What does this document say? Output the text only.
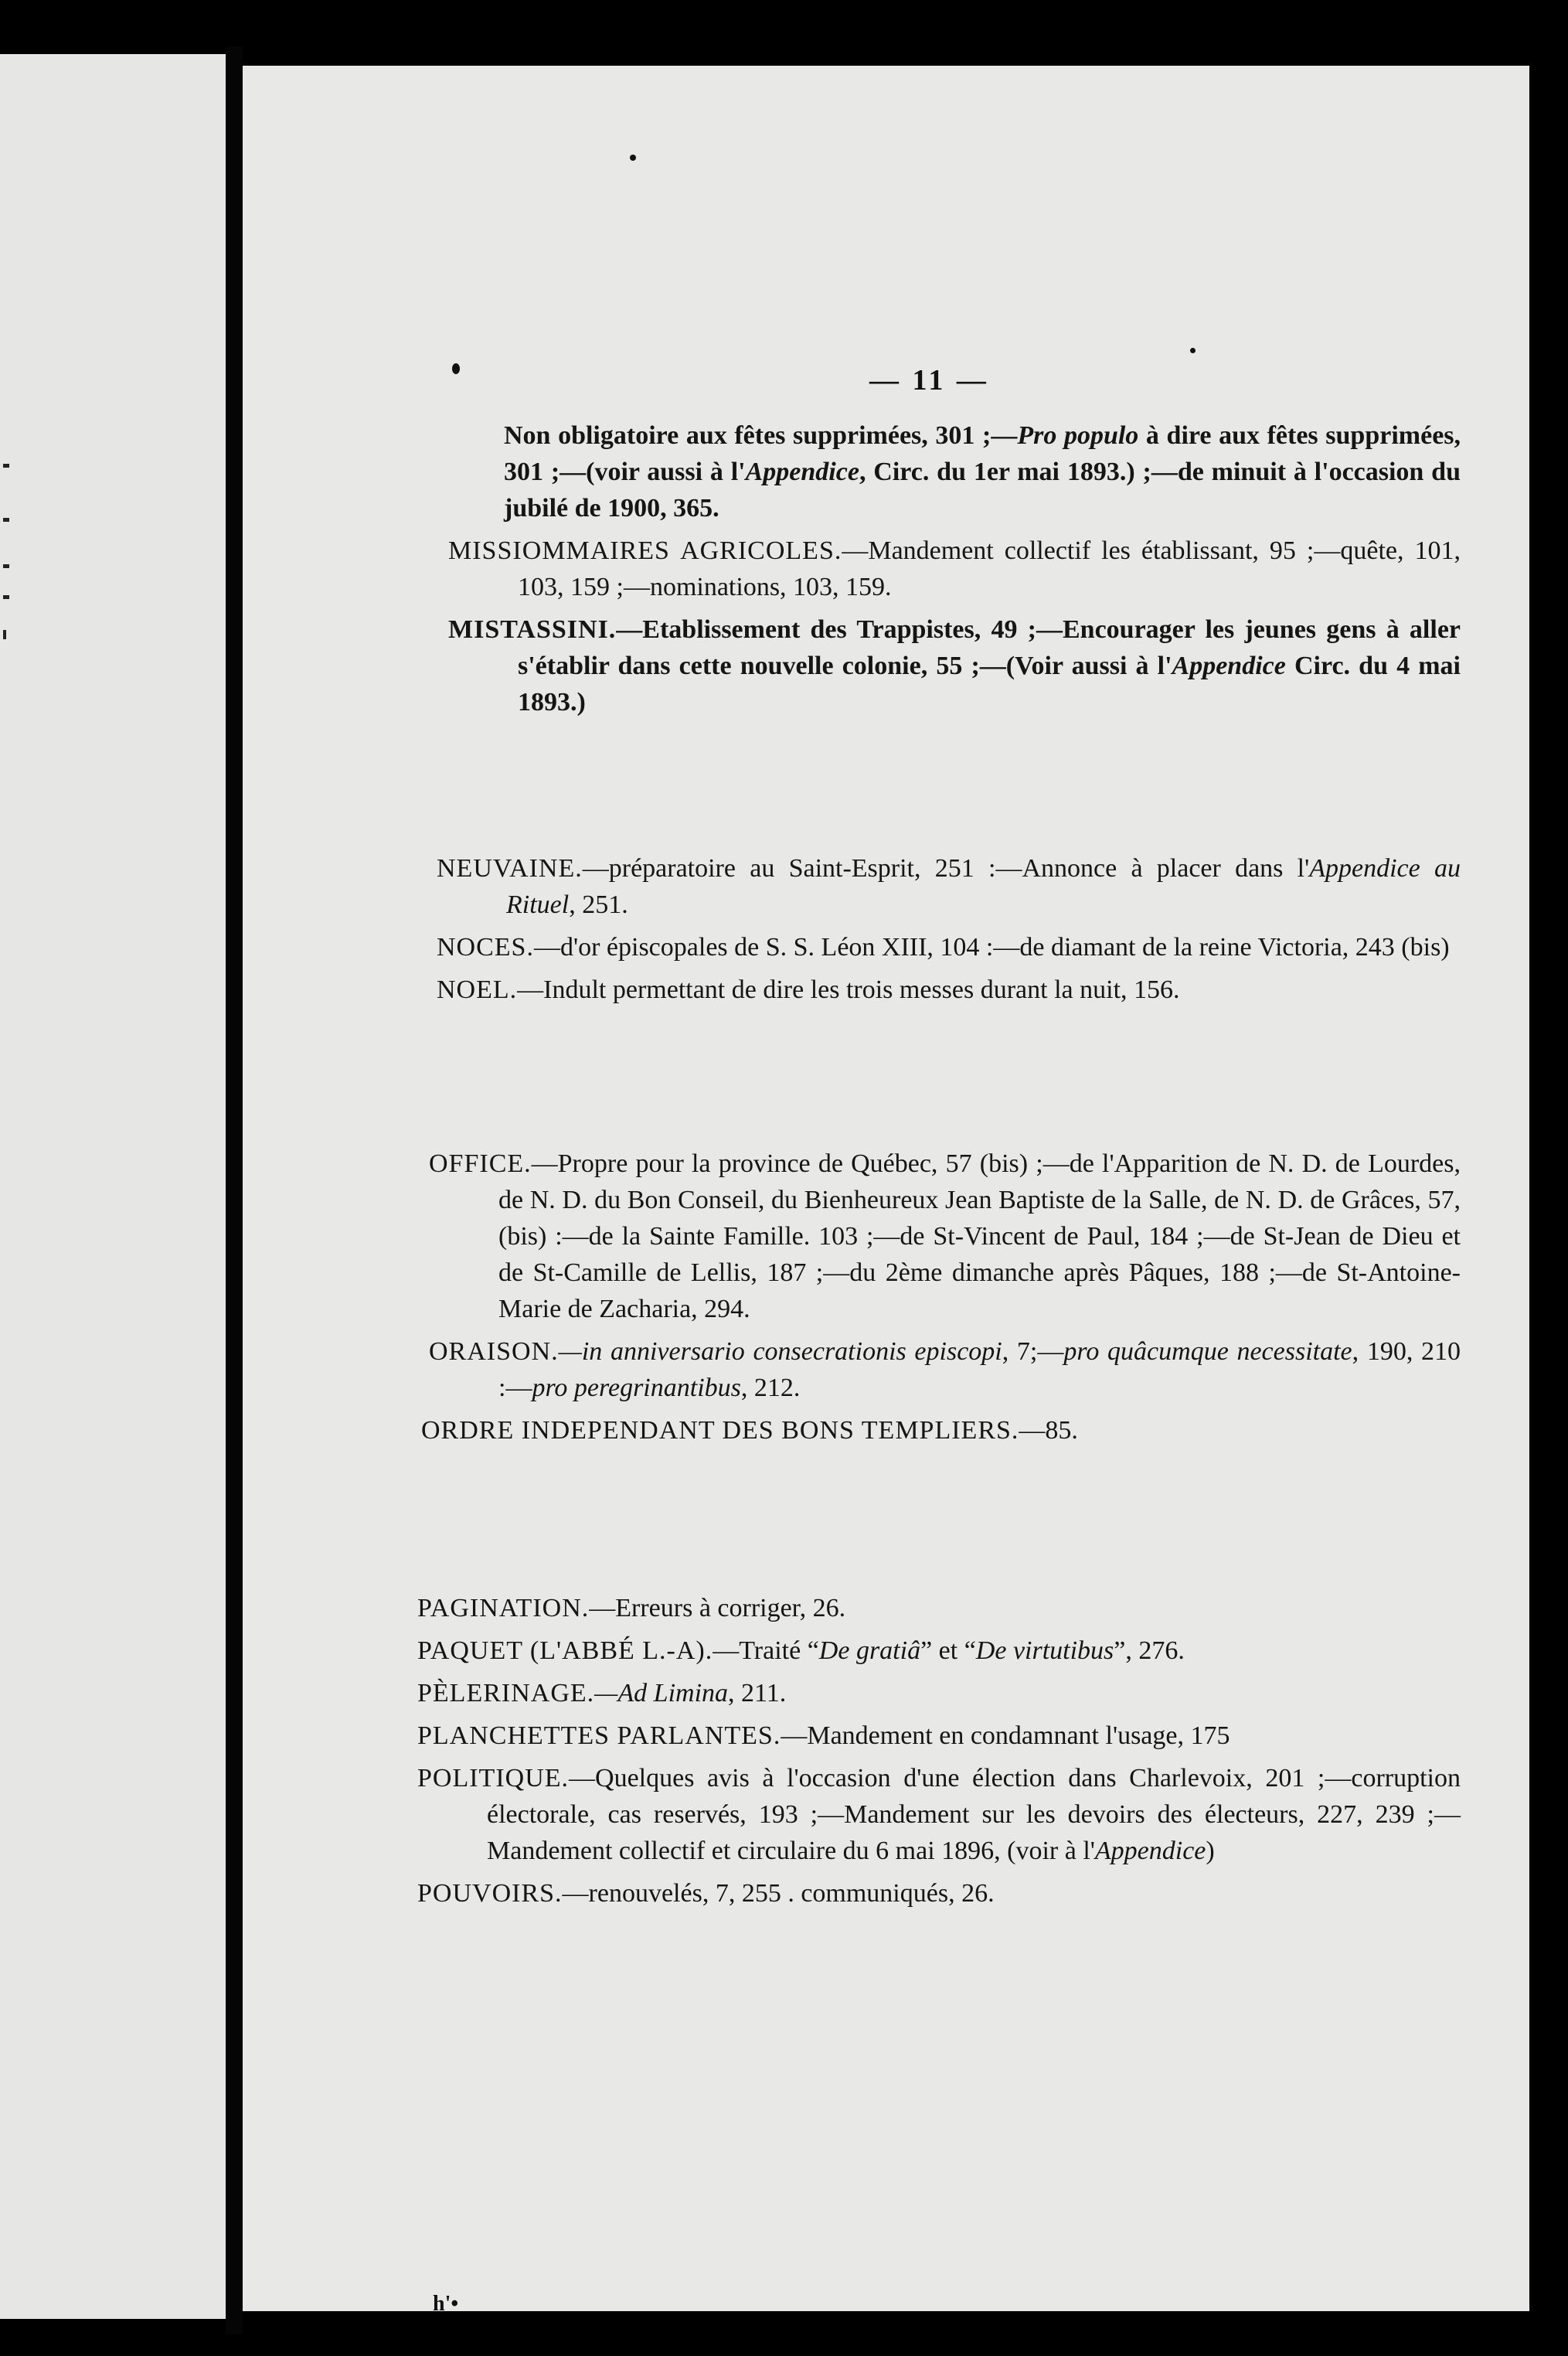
— 11 —
Non obligatoire aux fêtes supprimées, 301 ;—Pro populo à dire aux fêtes supprimées, 301 ;—(voir aussi à l'Appendice, Circ. du 1er mai 1893.) ;—de minuit à l'occasion du jubilé de 1900, 365.
MISSIOMMAIRES AGRICOLES.—Mandement collectif les établissant, 95 ;—quête, 101, 103, 159 ;—nominations, 103, 159.
MISTASSINI.—Etablissement des Trappistes, 49 ;—Encourager les jeunes gens à aller s'établir dans cette nouvelle colonie, 55 ;—(Voir aussi à l'Appendice Circ. du 4 mai 1893.)
NEUVAINE.—préparatoire au Saint-Esprit, 251 :—Annonce à placer dans l'Appendice au Rituel, 251.
NOCES.—d'or épiscopales de S. S. Léon XIII, 104 :—de diamant de la reine Victoria, 243 (bis)
NOEL.—Indult permettant de dire les trois messes durant la nuit, 156.
OFFICE.—Propre pour la province de Québec, 57 (bis) ;—de l'Apparition de N. D. de Lourdes, de N. D. du Bon Conseil, du Bienheureux Jean Baptiste de la Salle, de N. D. de Grâces, 57, (bis) :—de la Sainte Famille. 103 ;—de St-Vincent de Paul, 184 ;—de St-Jean de Dieu et de St-Camille de Lellis, 187 ;—du 2ème dimanche après Pâques, 188 ;—de St-Antoine-Marie de Zacharia, 294.
ORAISON.—in anniversario consecrationis episcopi, 7;—pro quâcumque necessitate, 190, 210 :—pro peregrinantibus, 212.
ORDRE INDEPENDANT DES BONS TEMPLIERS.—85.
PAGINATION.—Erreurs à corriger, 26.
PAQUET (L'ABBÉ L.-A).—Traité “De gratiâ” et “De virtutibus”, 276.
PÈLERINAGE.—Ad Limina, 211.
PLANCHETTES PARLANTES.—Mandement en condamnant l'usage, 175
POLITIQUE.—Quelques avis à l'occasion d'une élection dans Charlevoix, 201 ;—corruption électorale, cas reservés, 193 ;—Mandement sur les devoirs des électeurs, 227, 239 ;—Mandement collectif et circulaire du 6 mai 1896, (voir à l'Appendice)
POUVOIRS.—renouvelés, 7, 255 . communiqués, 26.
h'•
